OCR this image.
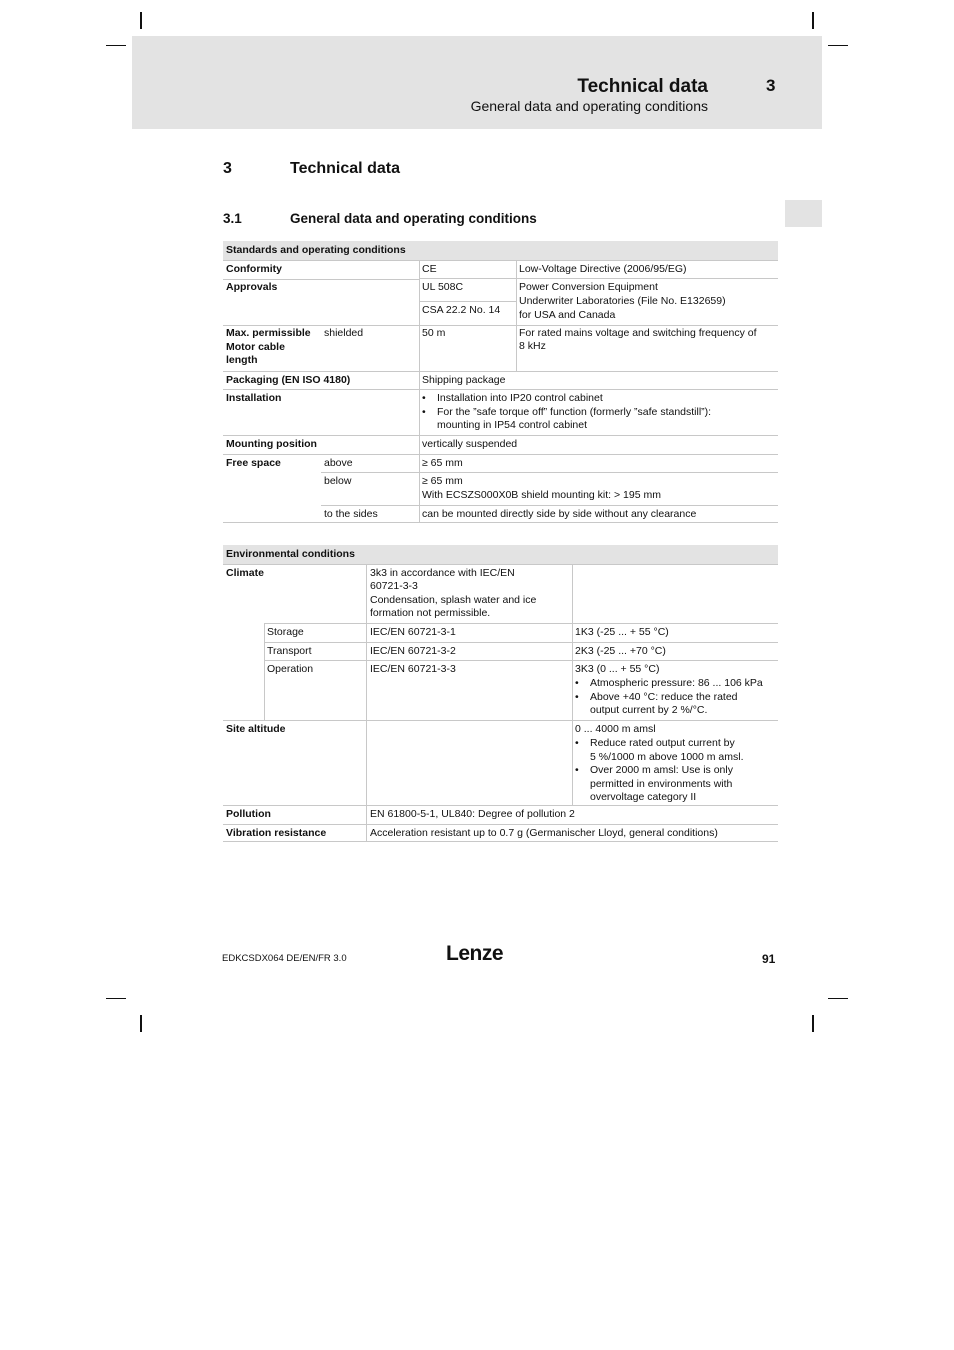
Technical data
General data and operating conditions
3
3	Technical data
3.1	General data and operating conditions
Standards and operating conditions
Conformity	CE	Low-Voltage Directive (2006/95/EG)
Approvals	UL 508C
CSA 22.2 No. 14
Power Conversion Equipment
Underwriter Laboratories (File No. E132659)
for USA and Canada
Max. permissible
Motor cable
length
shielded	50 m	For rated mains voltage and switching frequency of
8 kHz
Packaging (EN ISO 4180)	Shipping package
Installation
•	Installation into IP20 control cabinet
• For the ”safe torque off” function (formerly ”safe standstill”):
mounting in IP54 control cabinet
Mounting position	vertically suspended
Free space	above	≥ 65 mm
below	≥ 65 mm
With ECSZS000X0B shield mounting kit: > 195 mm
to the sides	can be mounted directly side by side without any clearance
Environmental conditions
Climate	3k3 in accordance with IEC/EN
60721-3-3
Condensation, splash water and ice
formation not permissible.
Storage	IEC/EN 60721-3-1	1K3 (-25 ... + 55 °C)
Transport	IEC/EN 60721-3-2	2K3 (-25 ... +70 °C)
Operation	IEC/EN 60721-3-3	3K3 (0 ... + 55 °C)
• Atmospheric pressure: 86 ... 106 kPa
• Above +40 °C: reduce the rated
output current by 2 %/°C.
Site altitude	0 ... 4000 m amsl
• Reduce rated output current by
5 %/1000 m above 1000 m amsl.
• Over 2000 m amsl: Use is only
permitted in environments with
overvoltage category II
Pollution	EN 61800-5-1, UL840: Degree of pollution 2
Vibration resistance	Acceleration resistant up to 0.7 g (Germanischer Lloyd, general conditions)
EDKCSDX064 DE/EN/FR 3.0	Lenze	91
